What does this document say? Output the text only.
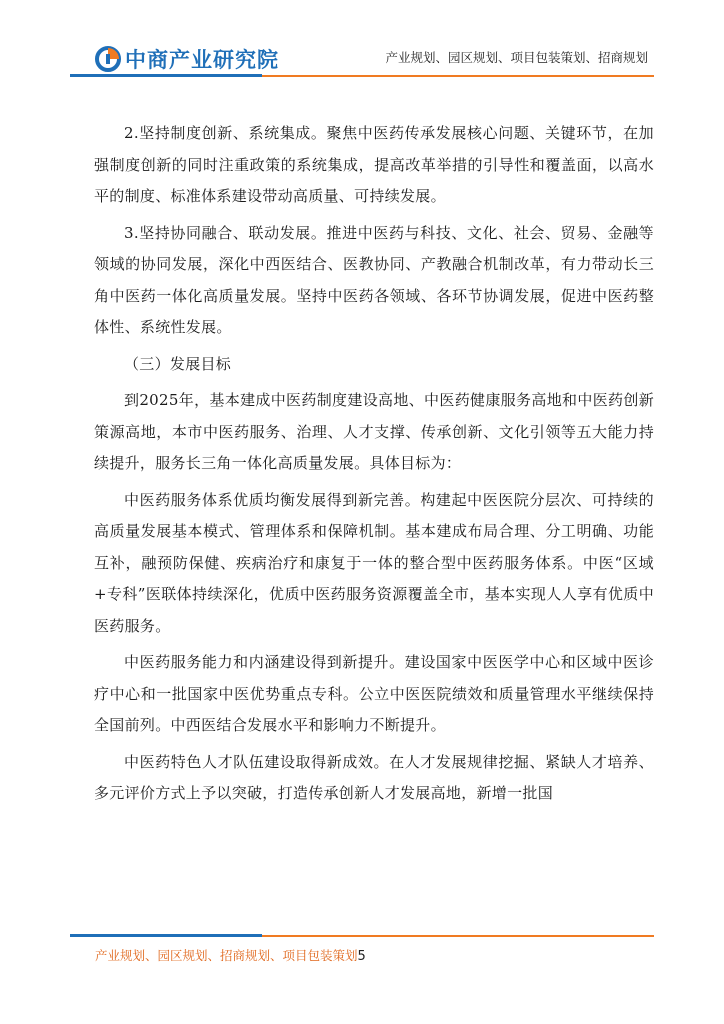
中商产业研究院	产业规划、园区规划、项目包装策划、招商规划

2.坚持制度创新、系统集成。聚焦中医药传承发展核心问题、关键环节，在加强制度创新的同时注重政策的系统集成，提高改革举措的引导性和覆盖面，以高水平的制度、标准体系建设带动高质量、可持续发展。

3.坚持协同融合、联动发展。推进中医药与科技、文化、社会、贸易、金融等领域的协同发展，深化中西医结合、医教协同、产教融合机制改革，有力带动长三角中医药一体化高质量发展。坚持中医药各领域、各环节协调发展，促进中医药整体性、系统性发展。

（三）发展目标

到2025年，基本建成中医药制度建设高地、中医药健康服务高地和中医药创新策源高地，本市中医药服务、治理、人才支撑、传承创新、文化引领等五大能力持续提升，服务长三角一体化高质量发展。具体目标为：

中医药服务体系优质均衡发展得到新完善。构建起中医医院分层次、可持续的高质量发展基本模式、管理体系和保障机制。基本建成布局合理、分工明确、功能互补，融预防保健、疾病治疗和康复于一体的整合型中医药服务体系。中医“区域+专科”医联体持续深化，优质中医药服务资源覆盖全市，基本实现人人享有优质中医药服务。

中医药服务能力和内涵建设得到新提升。建设国家中医医学中心和区域中医诊疗中心和一批国家中医优势重点专科。公立中医医院绩效和质量管理水平继续保持全国前列。中西医结合发展水平和影响力不断提升。

中医药特色人才队伍建设取得新成效。在人才发展规律挖掘、紧缺人才培养、多元评价方式上予以突破，打造传承创新人才发展高地，新增一批国

产业规划、园区规划、招商规划、项目包装策划5
